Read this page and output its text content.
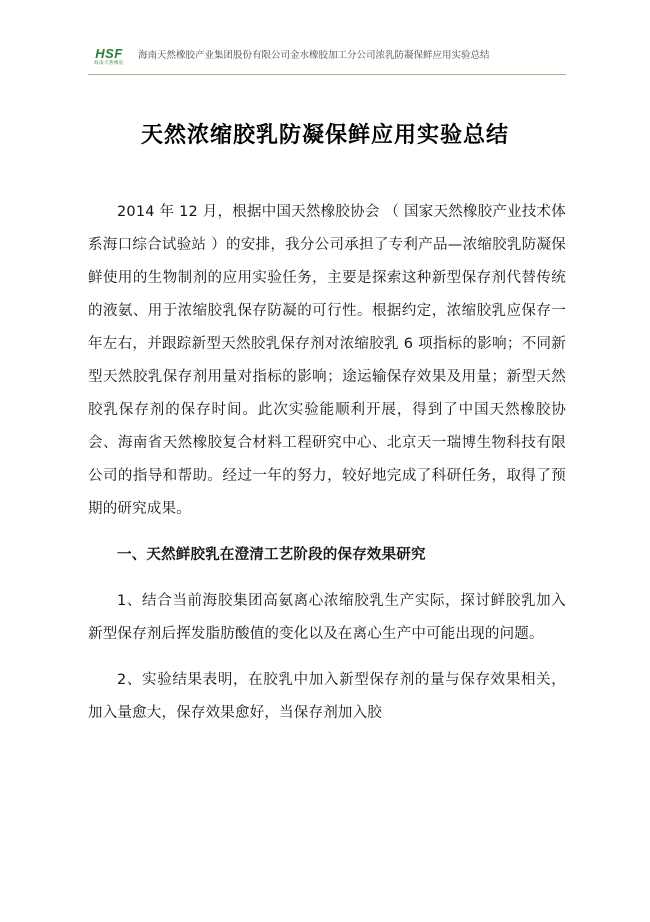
HSF
海南天然橡胶
海南天然橡胶产业集团股份有限公司金水橡胶加工分公司浓乳防凝保鲜应用实验总结
天然浓缩胶乳防凝保鲜应用实验总结

2014 年 12 月，根据中国天然橡胶协会 （ 国家天然橡胶产业技术体系海口综合试验站 ）的安排，我分公司承担了专利产品—浓缩胶乳防凝保鲜使用的生物制剂的应用实验任务，主要是探索这种新型保存剂代替传统的液氨、用于浓缩胶乳保存防凝的可行性。根据约定，浓缩胶乳应保存一年左右，并跟踪新型天然胶乳保存剂对浓缩胶乳 6 项指标的影响；不同新型天然胶乳保存剂用量对指标的影响；途运输保存效果及用量；新型天然胶乳保存剂的保存时间。此次实验能顺利开展，得到了中国天然橡胶协会、海南省天然橡胶复合材料工程研究中心、北京天一瑞博生物科技有限公司的指导和帮助。经过一年的努力，较好地完成了科研任务，取得了预期的研究成果。

一、天然鲜胶乳在澄清工艺阶段的保存效果研究

1、结合当前海胶集团高氨离心浓缩胶乳生产实际，探讨鲜胶乳加入新型保存剂后挥发脂肪酸值的变化以及在离心生产中可能出现的问题。

2、实验结果表明，在胶乳中加入新型保存剂的量与保存效果相关，加入量愈大，保存效果愈好，当保存剂加入胶
